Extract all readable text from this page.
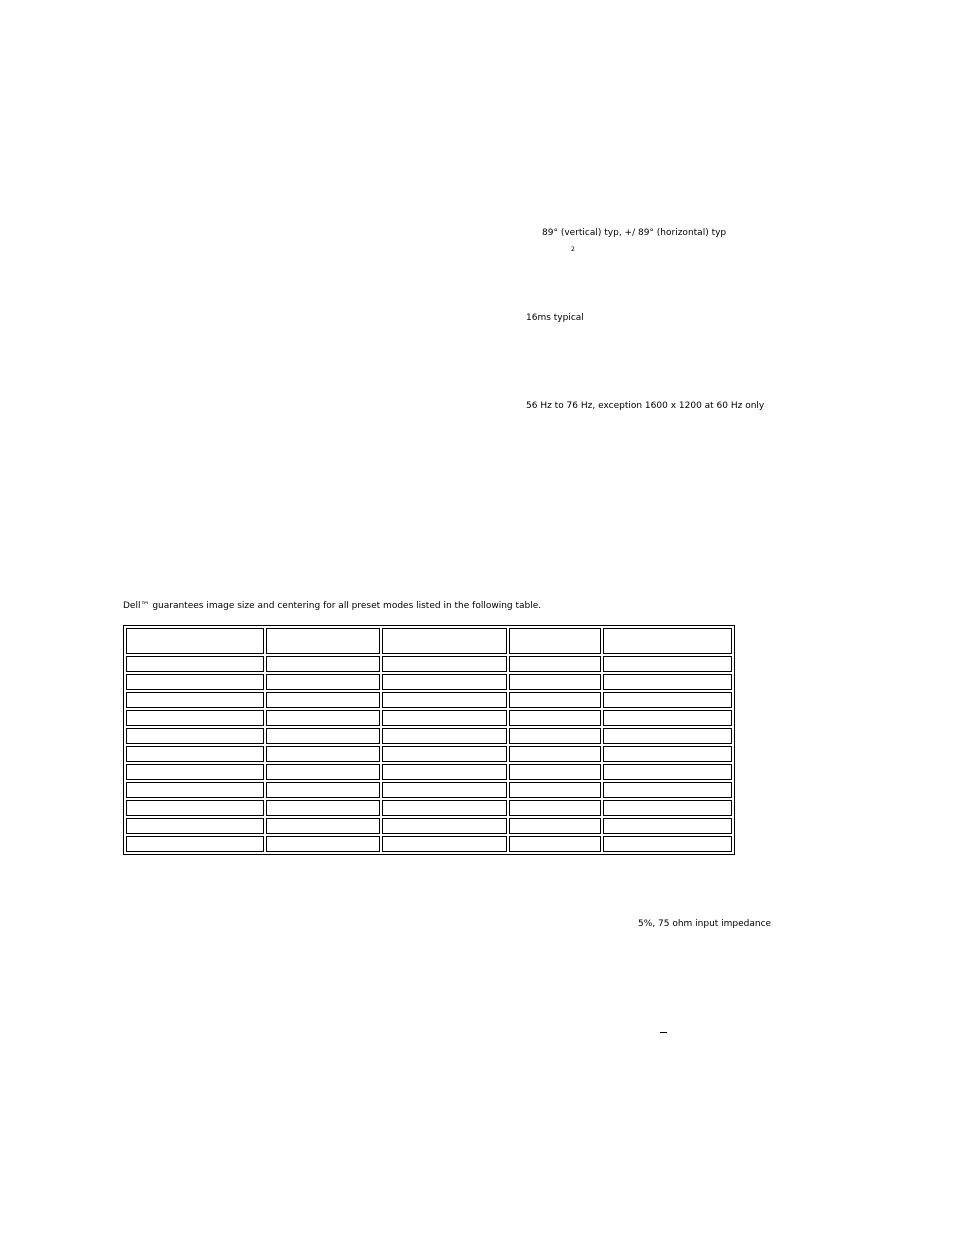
89° (vertical) typ, +/ 89° (horizontal) typ
2
16ms typical
56 Hz to 76 Hz, exception 1600 x 1200 at 60 Hz only
Dell™ guarantees image size and centering for all preset modes listed in the following table.

5%, 75 ohm input impedance
